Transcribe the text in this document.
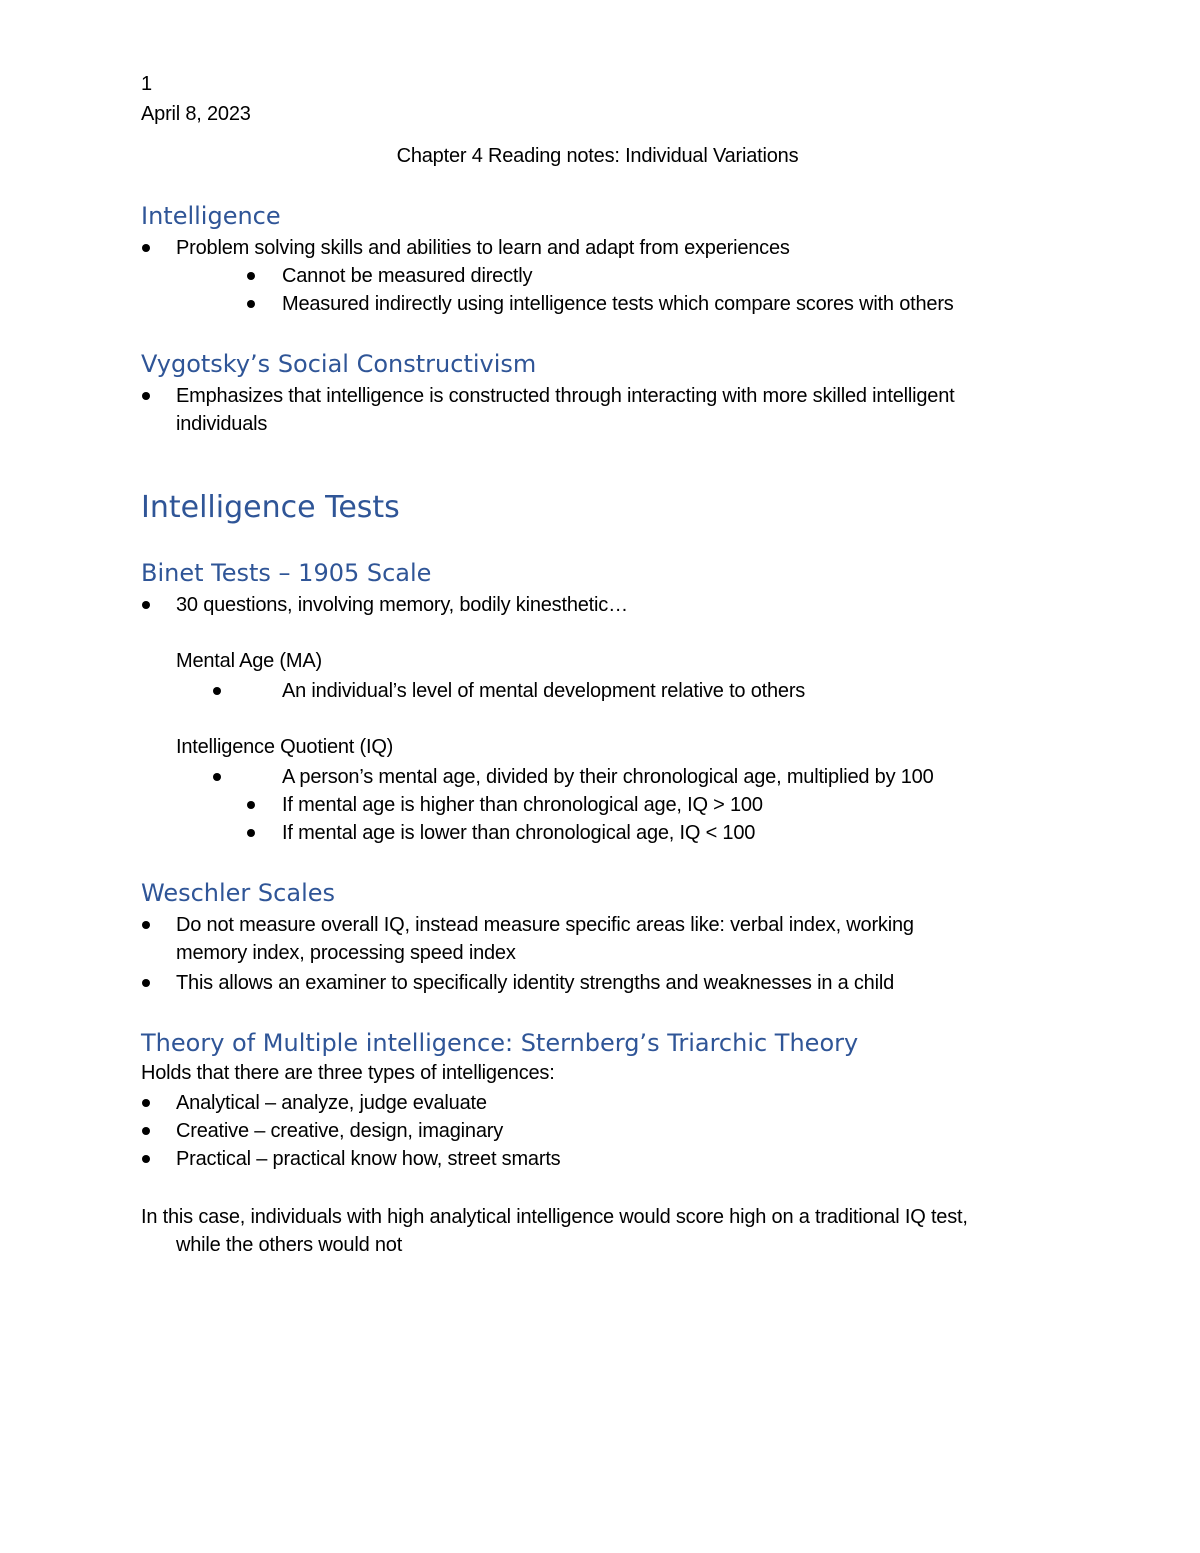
1
April 8, 2023
Chapter 4 Reading notes: Individual Variations
Intelligence
Problem solving skills and abilities to learn and adapt from experiences
Cannot be measured directly
Measured indirectly using intelligence tests which compare scores with others
Vygotsky’s Social Constructivism
Emphasizes that intelligence is constructed through interacting with more skilled intelligent
individuals
Intelligence Tests
Binet Tests – 1905 Scale
30 questions, involving memory, bodily kinesthetic…
Mental Age (MA)
An individual’s level of mental development relative to others
Intelligence Quotient (IQ)
A person’s mental age, divided by their chronological age, multiplied by 100
If mental age is higher than chronological age, IQ > 100
If mental age is lower than chronological age, IQ < 100
Weschler Scales
Do not measure overall IQ, instead measure specific areas like: verbal index, working
memory index, processing speed index
This allows an examiner to specifically identity strengths and weaknesses in a child
Theory of Multiple intelligence: Sternberg’s Triarchic Theory
Holds that there are three types of intelligences:
Analytical – analyze, judge evaluate
Creative – creative, design, imaginary
Practical – practical know how, street smarts
In this case, individuals with high analytical intelligence would score high on a traditional IQ test,
while the others would not
